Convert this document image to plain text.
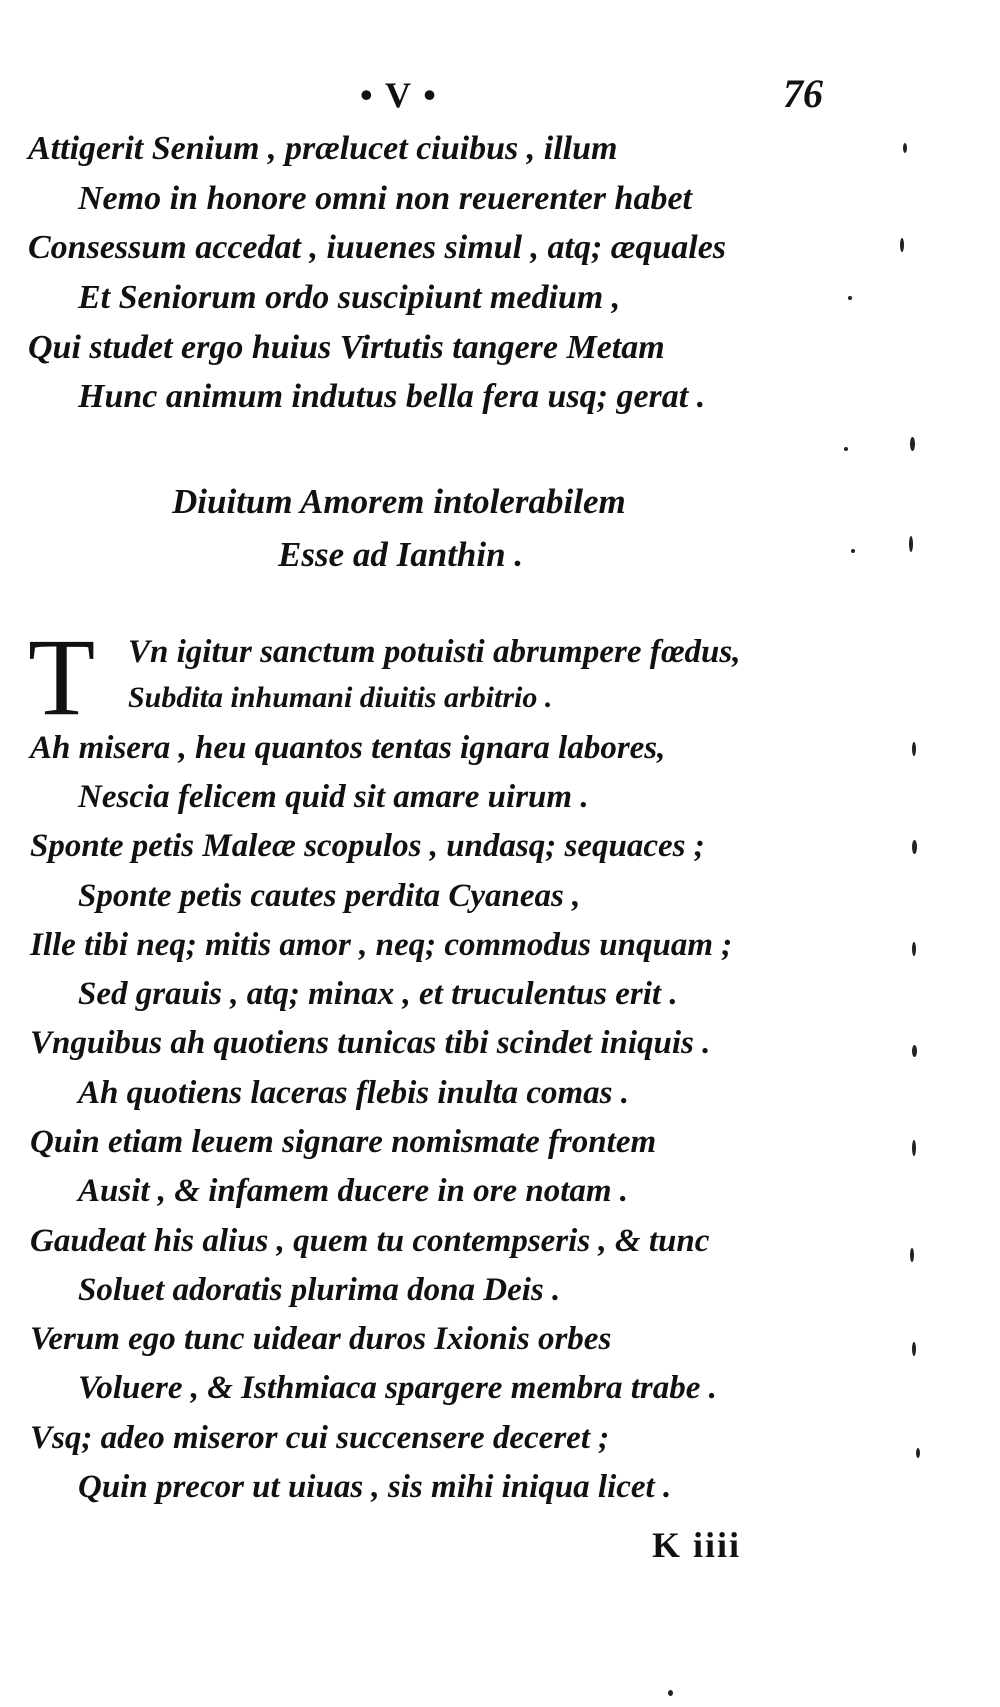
• V •	76
Attigerit Senium , prælucet ciuibus , illum
Nemo in honore omni non reuerenter habet
Consessum accedat , iuuenes simul , atq; æquales
Et Seniorum ordo suscipiunt medium ,
Qui studet ergo huius Virtutis tangere Metam
Hunc animum indutus bella fera usq; gerat .
Diuitum Amorem intolerabilem
Esse ad Ianthin .
T Vn igitur sanctum potuisti abrumpere fœdus,
Subdita inhumani diuitis arbitrio .
Ah misera , heu quantos tentas ignara labores,
Nescia felicem quid sit amare uirum .
Sponte petis Maleæ scopulos , undasq; sequaces ;
Sponte petis cautes perdita Cyaneas ,
Ille tibi neq; mitis amor , neq; commodus unquam ;
Sed grauis , atq; minax , et truculentus erit .
Vnguibus ah quotiens tunicas tibi scindet iniquis .
Ah quotiens laceras flebis inulta comas .
Quin etiam leuem signare nomismate frontem
Ausit , & infamem ducere in ore notam .
Gaudeat his alius , quem tu contempseris , & tunc
Soluet adoratis plurima dona Deis .
Verum ego tunc uidear duros Ixionis orbes
Voluere , & Isthmiaca spargere membra trabe .
Vsq; adeo miseror cui succensere deceret ;
Quin precor ut uiuas , sis mihi iniqua licet .
K iiii
